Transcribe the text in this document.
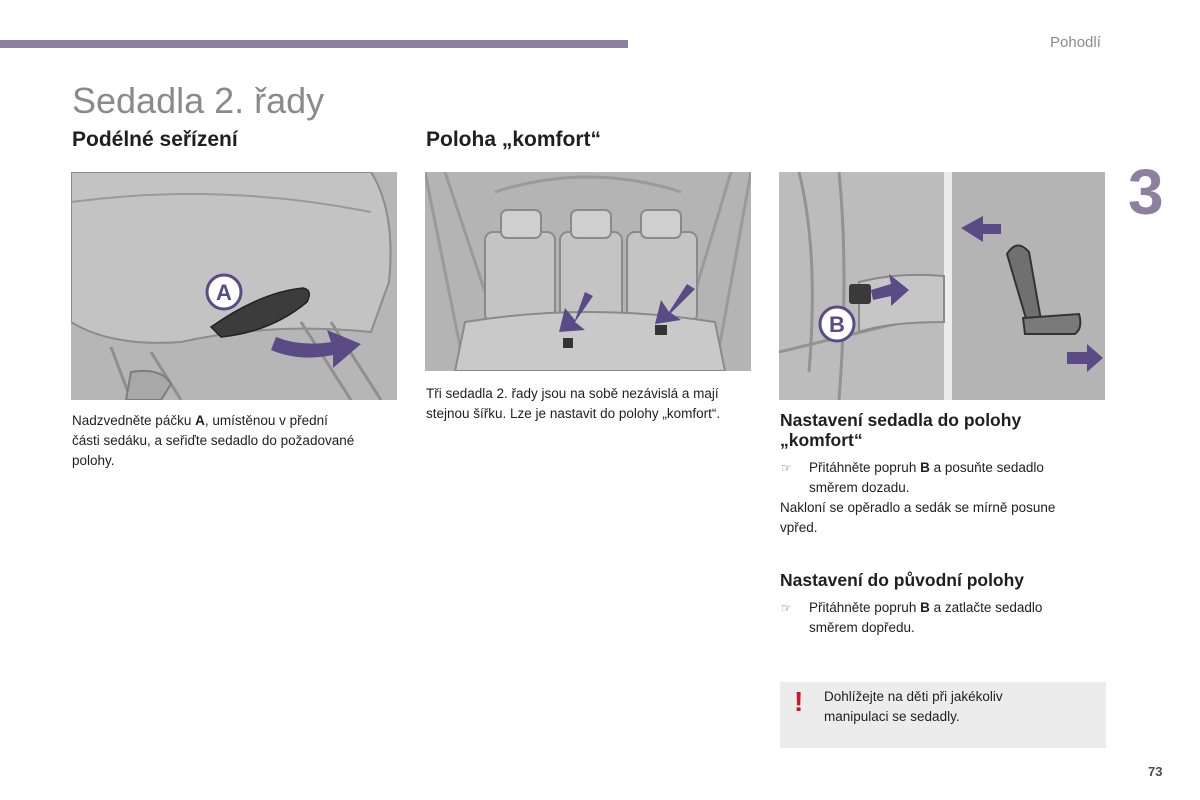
Pohodlí
Sedadla 2. řady
3
Podélné seřízení
A
Nadzvedněte páčku A, umístěnou v přední
části sedáku, a seřiďte sedadlo do požadované
polohy.
Poloha „komfort“
Tři sedadla 2. řady jsou na sobě nezávislá a mají
stejnou šířku. Lze je nastavit do polohy „komfort“.
B
Nastavení sedadla do polohy
„komfort“
☞ Přitáhněte popruh B a posuňte sedadlo
směrem dozadu.
Nakloní se opěradlo a sedák se mírně posune
vpřed.
Nastavení do původní polohy
☞ Přitáhněte popruh B a zatlačte sedadlo
směrem dopředu.
! Dohlížejte na děti při jakékoliv
manipulaci se sedadly.
73
